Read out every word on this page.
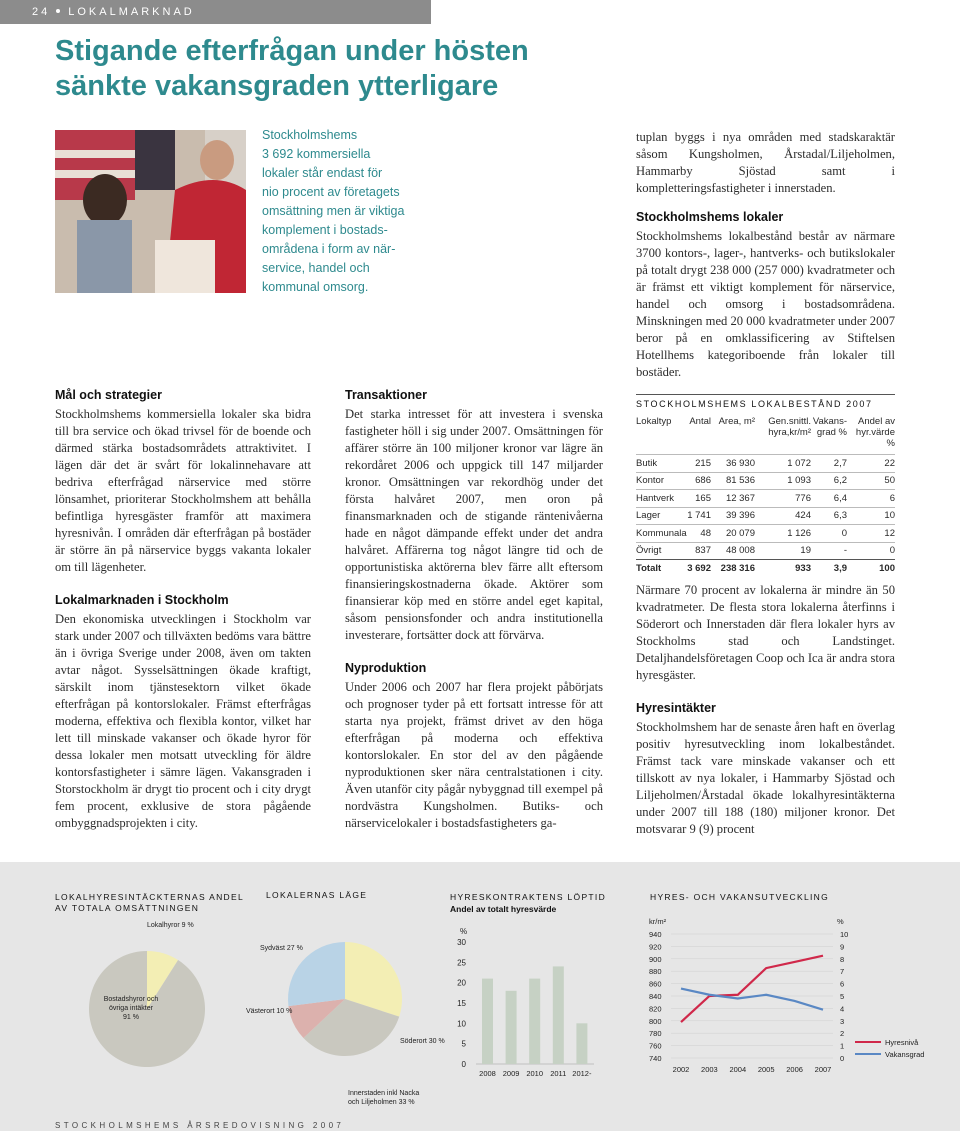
24 LOKALMARKNAD
Stigande efterfrågan under hösten
sänkte vakansgraden ytterligare
Stockholmshems
3 692 kommersiella
lokaler står endast för
nio procent av företagets
omsättning men är viktiga
komplement i bostads-
områdena i form av när-
service, handel och
kommunal omsorg.
Mål och strategier

Stockholmshems kommersiella lokaler ska bidra till bra service och ökad trivsel för de boende och därmed stärka bostadsområdets attraktivitet. I lägen där det är svårt för lokalinnehavare att bedriva efterfrågad närservice med större lönsamhet, prioriterar Stockholmshem att behålla befintliga hyresgäster framför att maximera hyresnivån. I områden där efterfrågan på bostäder är större än på närservice byggs vakanta lokaler om till lägenheter.

Lokalmarknaden i Stockholm

Den ekonomiska utvecklingen i Stockholm var stark under 2007 och tillväxten bedöms vara bättre än i övriga Sverige under 2008, även om takten avtar något. Sysselsättningen ökade kraftigt, särskilt inom tjänstesektorn vilket ökade efterfrågan på kontorslokaler. Främst efterfrågas moderna, effektiva och flexibla kontor, vilket har lett till minskade vakanser och ökade hyror för dessa lokaler men motsatt utveckling för äldre kontorsfastigheter i sämre lägen. Vakansgraden i Storstockholm är drygt tio procent och i city drygt fem procent, exklusive de stora pågående ombyggnadsprojekten i city.

Transaktioner

Det starka intresset för att investera i svenska fastigheter höll i sig under 2007. Omsättningen för affärer större än 100 miljoner kronor var lägre än rekordåret 2006 och uppgick till 147 miljarder kronor. Omsättningen var rekordhög under det första halvåret 2007, men oron på finansmarknaden och de stigande räntenivåerna hade en något dämpande effekt under det andra halvåret. Affärerna tog något längre tid och de opportunistiska aktörerna blev färre allt eftersom finansieringskostnaderna ökade. Aktörer som finansierar köp med en större andel eget kapital, såsom pensionsfonder och andra institutionella investerare, fortsätter dock att förvärva.

Nyproduktion

Under 2006 och 2007 har flera projekt påbörjats och prognoser tyder på ett fortsatt intresse för att starta nya projekt, främst drivet av den höga efterfrågan på moderna och effektiva kontorslokaler. En stor del av den pågående nyproduktionen sker nära centralstationen i city. Även utanför city pågår nybyggnad till exempel på nordvästra Kungsholmen. Butiks- och närservicelokaler i bostadsfastigheters ga-

tuplan byggs i nya områden med stadskaraktär såsom Kungsholmen, Årstadal/Liljeholmen, Hammarby Sjöstad samt i kompletteringsfastigheter i innerstaden.

Stockholmshems lokaler

Stockholmshems lokalbestånd består av närmare 3700 kontors-, lager-, hantverks- och butikslokaler på totalt drygt 238 000 (257 000) kvadratmeter och är främst ett viktigt komplement för närservice, handel och omsorg i bostadsområdena. Minskningen med 20 000 kvadratmeter under 2007 beror på en omklassificering av Stiftelsen Hotellhems kategoriboende från lokaler till bostäder.

STOCKHOLMSHEMS LOKALBESTÅND 2007
Lokaltyp	Antal	Area, m²	Gen.snittl. hyra,kr/m²	Vakans-grad %	Andel av hyr.värde %
Butik	215	36 930	1 072	2,7	22
Kontor	686	81 536	1 093	6,2	50
Hantverk	165	12 367	776	6,4	6
Lager	1 741	39 396	424	6,3	10
Kommunala	48	20 079	1 126	0	12
Övrigt	837	48 008	19	-	0
Totalt	3 692	238 316	933	3,9	100

Närmare 70 procent av lokalerna är mindre än 50 kvadratmeter. De flesta stora lokalerna återfinns i Söderort och Innerstaden där flera lokaler hyrs av Stockholms stad och Landstinget. Detaljhandelsföretagen Coop och Ica är andra stora hyresgäster.

Hyresintäkter

Stockholmshem har de senaste åren haft en överlag positiv hyresutveckling inom lokalbeståndet. Främst tack vare minskade vakanser och ett tillskott av nya lokaler, i Hammarby Sjöstad och Liljeholmen/Årstadal ökade lokalhyresintäkterna under 2007 till 188 (180) miljoner kronor. Det motsvarar 9 (9) procent

LOKALHYRESINTÄCKTERNAS ANDEL AV TOTALA OMSÄTTNINGEN
Lokalhyror 9 %
Bostadshyror och övriga intäkter 91 %
LOKALERNAS LÄGE
Sydväst 27 %
Västerort 10 %
Söderort 30 %
Innerstaden inkl Nacka och Liljeholmen 33 %
HYRESKONTRAKTENS LÖPTID
Andel av totalt hyresvärde
%
0
5
10
15
20
25
30
2008 2009 2010 2011 2012-
HYRES- OCH VAKANSUTVECKLING
kr/m²	%
740
760
780
800
820
840
860
880
900
920
940
0
1
2
3
4
5
6
7
8
9
10
2002 2003 2004 2005 2006 2007
Hyresnivå
Vakansgrad
STOCKHOLMSHEMS ÅRSREDOVISNING 2007
